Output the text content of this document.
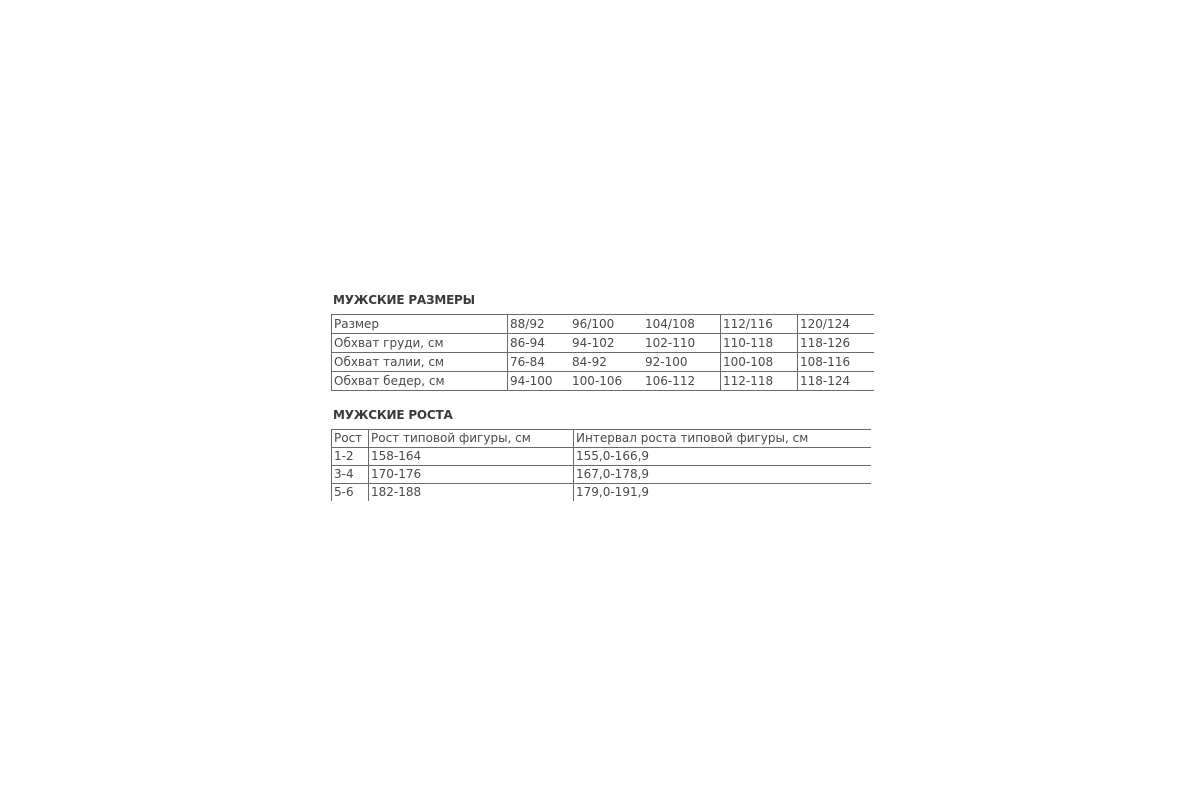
МУЖСКИЕ РАЗМЕРЫ
Размер	88/92	96/100	104/108	112/116	120/124
Обхват груди, см	86-94	94-102	102-110	110-118	118-126
Обхват талии, см	76-84	84-92	92-100	100-108	108-116
Обхват бедер, см	94-100	100-106	106-112	112-118	118-124
МУЖСКИЕ РОСТА
Рост	Рост типовой фигуры, см	Интервал роста типовой фигуры, см
1-2	158-164	155,0-166,9
3-4	170-176	167,0-178,9
5-6	182-188	179,0-191,9
